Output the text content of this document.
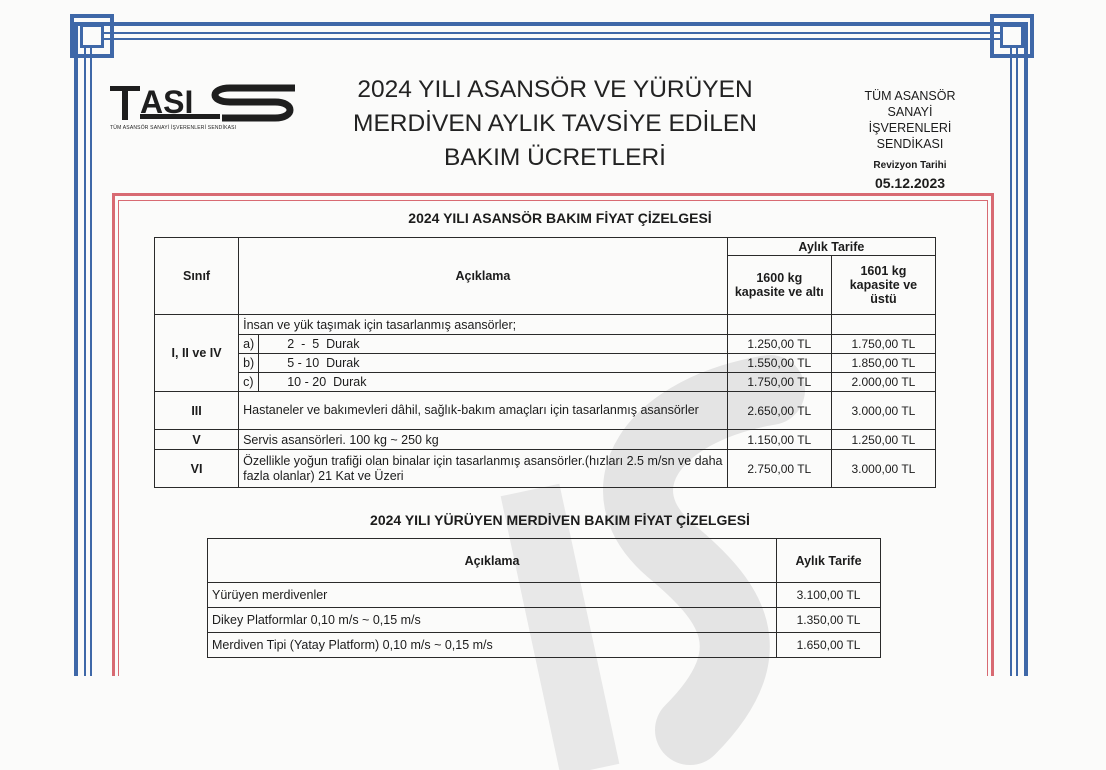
ASI
TÜM ASANSÖR SANAYİ İŞVERENLERİ SENDİKASI
2024 YILI ASANSÖR VE YÜRÜYEN
MERDİVEN AYLIK TAVSİYE EDİLEN
BAKIM ÜCRETLERİ
TÜM ASANSÖR
SANAYİ
İŞVERENLERİ
SENDİKASI
Revizyon Tarihi
05.12.2023
2024 YILI ASANSÖR BAKIM FİYAT ÇİZELGESİ
Sınıf	Açıklama		Aylık Tarife	
			1600 kg kapasite ve altı	1601 kg kapasite ve üstü
I, II ve IV	İnsan ve yük taşımak için tasarlanmış asansörler;			
	a)	2  -  5  Durak	1.250,00 TL	1.750,00 TL
	b)	5 - 10  Durak	1.550,00 TL	1.850,00 TL
	c)	10 - 20  Durak	1.750,00 TL	2.000,00 TL
III	Hastaneler ve bakımevleri dâhil, sağlık-bakım amaçları için tasarlanmış asansörler		2.650,00 TL	3.000,00 TL
V	Servis asansörleri. 100 kg ~ 250 kg		1.150,00 TL	1.250,00 TL
VI	Özellikle yoğun trafiği olan binalar için tasarlanmış asansörler.(hızları 2.5 m/sn ve daha fazla olanlar) 21 Kat ve Üzeri		2.750,00 TL	3.000,00 TL
2024 YILI YÜRÜYEN MERDİVEN BAKIM FİYAT ÇİZELGESİ
Açıklama	Aylık Tarife
Yürüyen merdivenler	3.100,00 TL
Dikey Platformlar 0,10 m/s ~ 0,15 m/s	1.350,00 TL
Merdiven Tipi (Yatay Platform) 0,10 m/s ~ 0,15 m/s	1.650,00 TL
